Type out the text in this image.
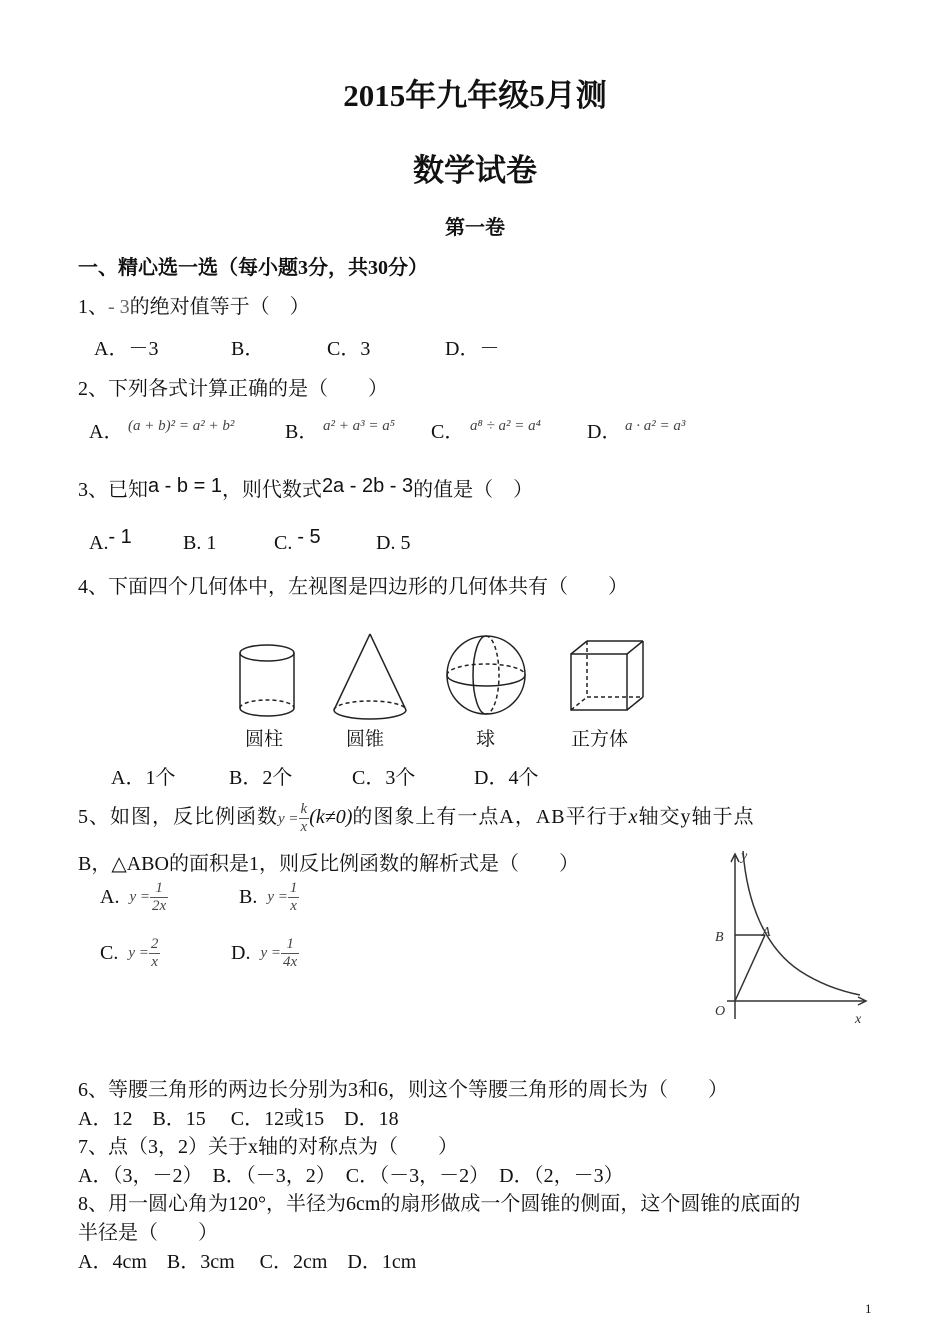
2015年九年级5月测
数学试卷
第一卷
一、精心选一选（每小题3分，共30分）
1、- 3的绝对值等于（　）
A．－3	B．	C．3	D．－
2、下列各式计算正确的是（　　）
A． (a + b)² = a² + b²	B． a² + a³ = a⁵ C． a⁸ ÷ a² = a⁴ D． a · a² = a³
3、已知a - b = 1，则代数式2a - 2b - 3的值是（　）
A.- 1	B. 1	C. - 5	D. 5
4、下面四个几何体中，左视图是四边形的几何体共有（　　）
圆柱	圆锥	球	正方体
A．1个	B．2个	C．3个	D．4个
5、如图，反比例函数$y = \frac{k}{x} (k\ne 0)$的图象上有一点A，AB平行于x轴交y轴于点
B，△ABO的面积是1，则反比例函数的解析式是（　　）
A. $y = \frac{1}{2x}$	B. $y = \frac{1}{x}$
C. $y = \frac{2}{x}$	D. $y = \frac{1}{4x}$
y
B	A
O
x
6、等腰三角形的两边长分别为3和6，则这个等腰三角形的周长为（　　）
A．12　B．15　 C．12或15　D．18
7、点（3，2）关于x轴的对称点为（　　）
A．（3，－2）　B．（－3，2）　C．（－3，－2）　D．（2，－3）
8、用一圆心角为120°，半径为6cm的扇形做成一个圆锥的侧面，这个圆锥的底面的
半径是（　　）
A．4cm　B．3cm　 C．2cm　D．1cm
1
